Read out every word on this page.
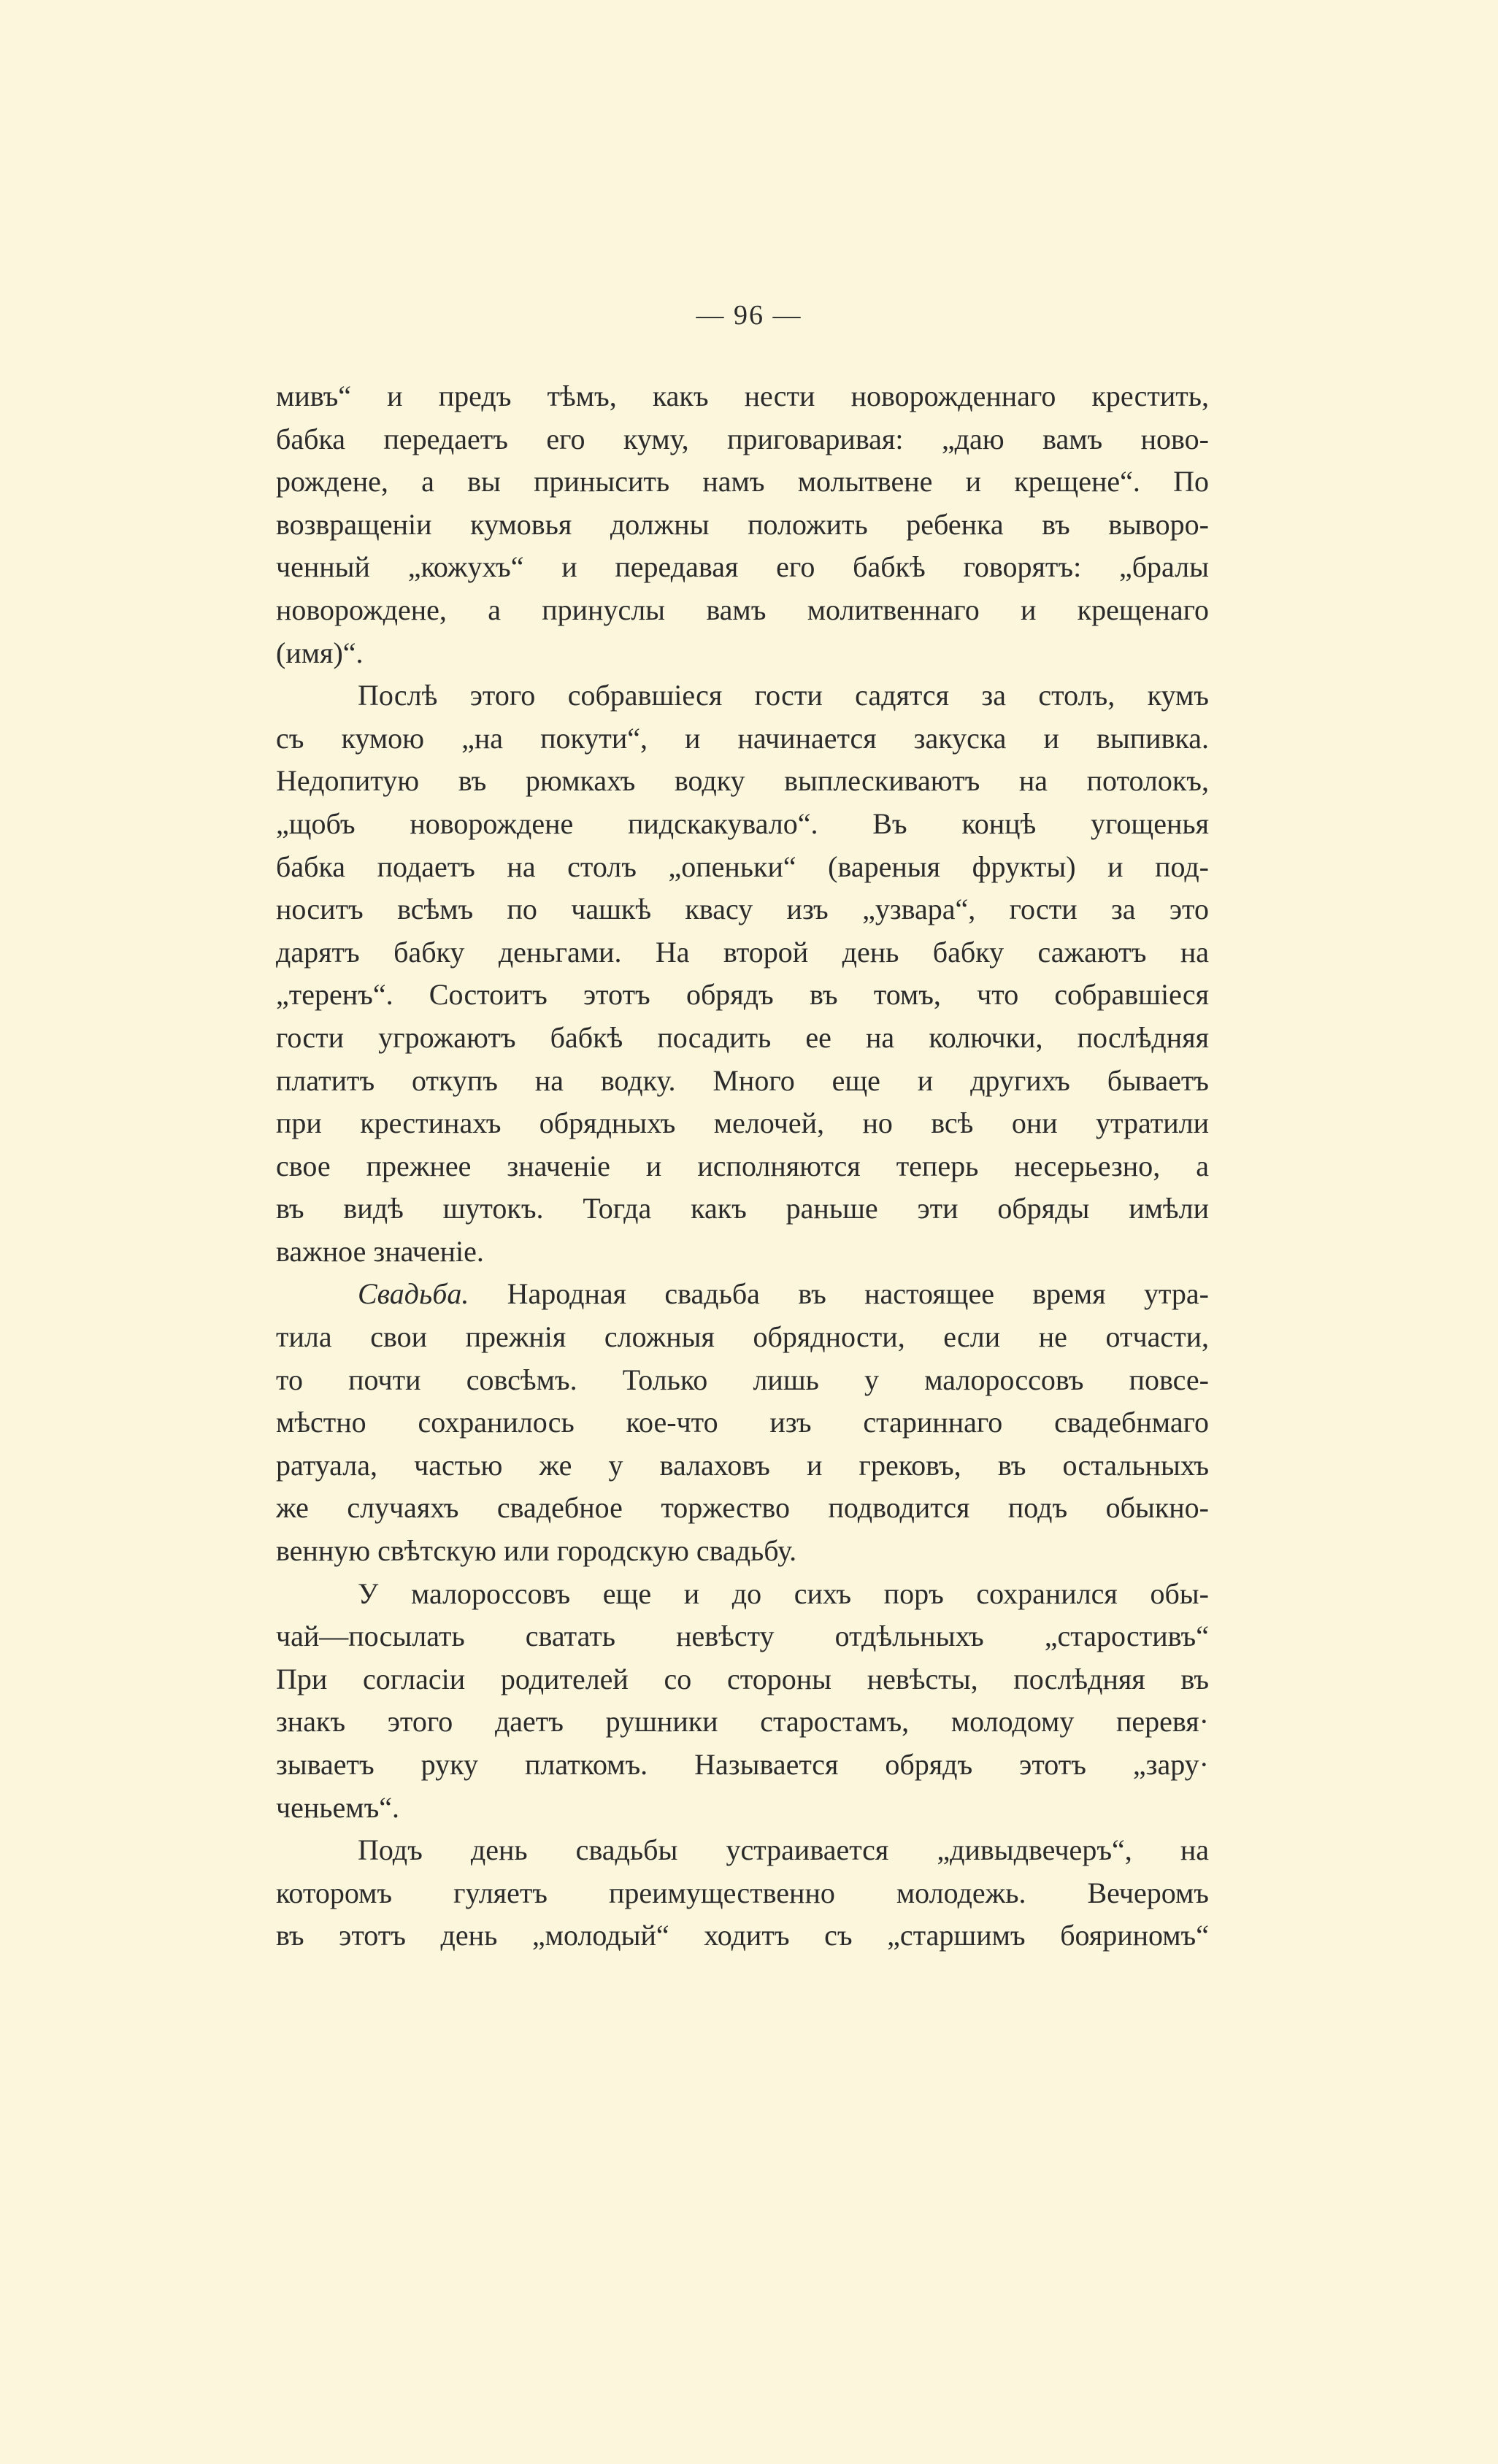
— 96 —
мивъ“ и предъ тѣмъ, какъ нести новорожденнаго крестить,
бабка передаетъ его куму, приговаривая: „даю вамъ ново-
рождене, а вы принысить намъ молытвене и крещене“. По
возвращеніи кумовья должны положить ребенка въ выворо-
ченный „кожухъ“ и передавая его бабкѣ говорятъ: „бралы
новорождене, а принyслы вамъ молитвеннаго и крещенаго
(имя)“.
Послѣ этого собравшіеся гости садятся за столъ, кумъ
съ кумою „на покути“, и начинается закуска и выпивка.
Недопитую въ рюмкахъ водку выплескиваютъ на потолокъ,
„щобъ новорождене пидскакувало“. Въ концѣ угощенья
бабка подаетъ на столъ „опеньки“ (вареныя фрукты) и под-
носитъ всѣмъ по чашкѣ квасу изъ „узвара“, гости за это
дарятъ бабку деньгами. На второй день бабку сажаютъ на
„теренъ“. Состоитъ этотъ обрядъ въ томъ, что собравшіеся
гости угрожаютъ бабкѣ посадить ее на колючки, послѣдняя
платитъ откупъ на водку. Много еще и другихъ бываетъ
при крестинахъ обрядныхъ мелочей, но всѣ они утратили
свое прежнее значеніе и исполняются теперь несерьезно, а
въ видѣ шутокъ. Тогда какъ раньше эти обряды имѣли
важное значеніе.
Свадьба. Народная свадьба въ настоящее время утра-
тила свои прежнія сложныя обрядности, если не отчасти,
то почти совсѣмъ. Только лишь у малороссовъ повсе-
мѣстно сохранилось кое-что изъ стариннаго свадебнмаго
ратуала, частью же у валаховъ и грековъ, въ остальныхъ
же случаяхъ свадебное торжество подводится подъ обыкно-
венную свѣтскую или городскую свадьбу.
У малороссовъ еще и до сихъ поръ сохранился обы-
чай—посылать сватать невѣсту отдѣльныхъ „старостивъ“
При согласіи родителей со стороны невѣсты, послѣдняя въ
знакъ этого даетъ рушники старостамъ, молодому перевя·
зываетъ руку платкомъ. Называется обрядъ этотъ „зару·
ченьемъ“.
Подъ день свадьбы устраивается „дивыдвечеръ“, на
которомъ гуляетъ преимущественно молодежь. Вечеромъ
въ этотъ день „молодый“ ходитъ съ „старшимъ бояриномъ“
